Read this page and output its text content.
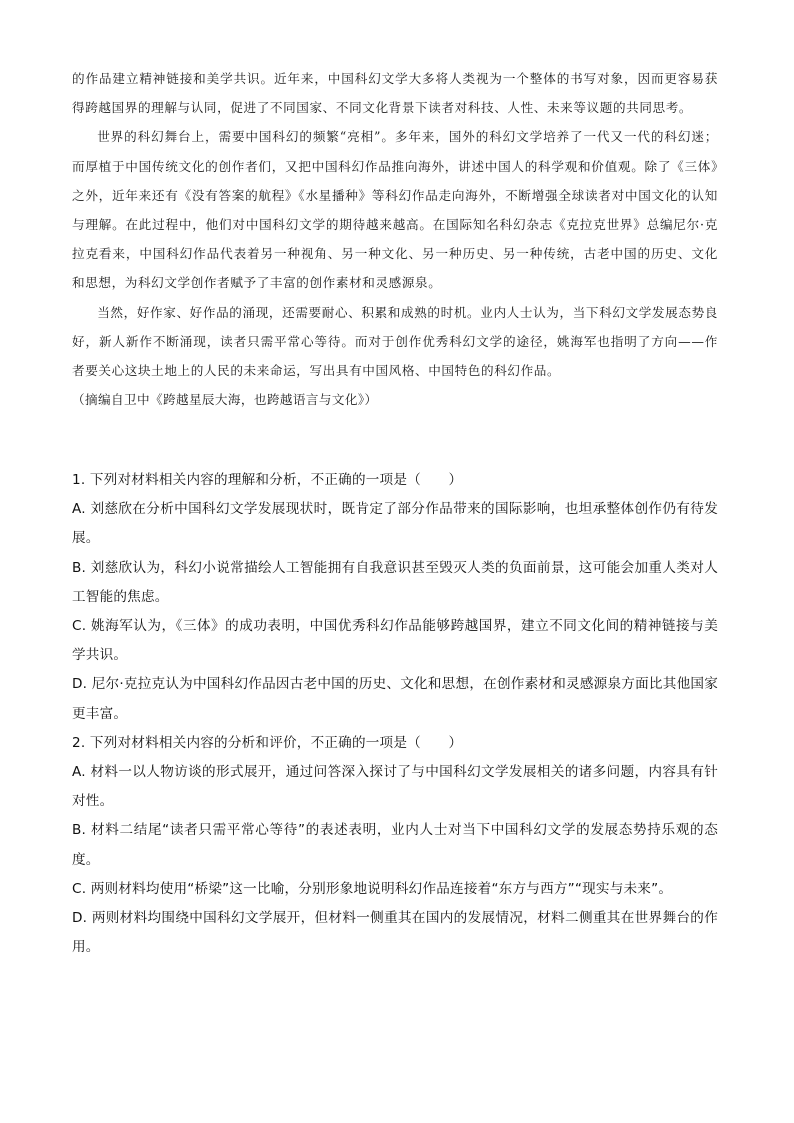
的作品建立精神链接和美学共识。近年来，中国科幻文学大多将人类视为一个整体的书写对象，因而更容易获得跨越国界的理解与认同，促进了不同国家、不同文化背景下读者对科技、人性、未来等议题的共同思考。

世界的科幻舞台上，需要中国科幻的频繁“亮相”。多年来，国外的科幻文学培养了一代又一代的科幻迷；而厚植于中国传统文化的创作者们，又把中国科幻作品推向海外，讲述中国人的科学观和价值观。除了《三体》之外，近年来还有《没有答案的航程》《水星播种》等科幻作品走向海外，不断增强全球读者对中国文化的认知与理解。在此过程中，他们对中国科幻文学的期待越来越高。在国际知名科幻杂志《克拉克世界》总编尼尔·克拉克看来，中国科幻作品代表着另一种视角、另一种文化、另一种历史、另一种传统，古老中国的历史、文化和思想，为科幻文学创作者赋予了丰富的创作素材和灵感源泉。

当然，好作家、好作品的涌现，还需要耐心、积累和成熟的时机。业内人士认为，当下科幻文学发展态势良好，新人新作不断涌现，读者只需平常心等待。而对于创作优秀科幻文学的途径，姚海军也指明了方向——作者要关心这块土地上的人民的未来命运，写出具有中国风格、中国特色的科幻作品。

（摘编自卫中《跨越星辰大海，也跨越语言与文化》）

1. 下列对材料相关内容的理解和分析，不正确的一项是（　　）

A. 刘慈欣在分析中国科幻文学发展现状时，既肯定了部分作品带来的国际影响，也坦承整体创作仍有待发展。

B. 刘慈欣认为，科幻小说常描绘人工智能拥有自我意识甚至毁灭人类的负面前景，这可能会加重人类对人工智能的焦虑。

C. 姚海军认为，《三体》的成功表明，中国优秀科幻作品能够跨越国界，建立不同文化间的精神链接与美学共识。

D. 尼尔·克拉克认为中国科幻作品因古老中国的历史、文化和思想，在创作素材和灵感源泉方面比其他国家更丰富。

2. 下列对材料相关内容的分析和评价，不正确的一项是（　　）

A. 材料一以人物访谈的形式展开，通过问答深入探讨了与中国科幻文学发展相关的诸多问题，内容具有针对性。

B. 材料二结尾“读者只需平常心等待”的表述表明，业内人士对当下中国科幻文学的发展态势持乐观的态度。

C. 两则材料均使用“桥梁”这一比喻，分别形象地说明科幻作品连接着“东方与西方”“现实与未来”。

D. 两则材料均围绕中国科幻文学展开，但材料一侧重其在国内的发展情况，材料二侧重其在世界舞台的作用。
